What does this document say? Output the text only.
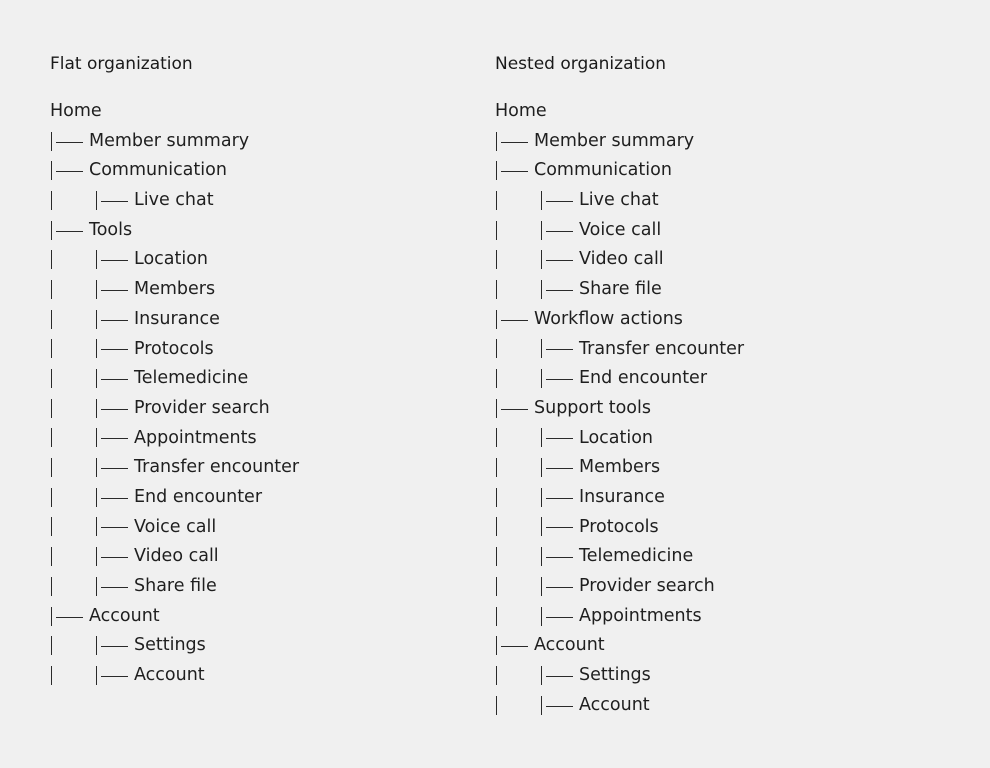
Flat organization
Home
Member summary
Communication
Live chat
Tools
Location
Members
Insurance
Protocols
Telemedicine
Provider search
Appointments
Transfer encounter
End encounter
Voice call
Video call
Share file
Account
Settings
Account
Nested organization
Home
Member summary
Communication
Live chat
Voice call
Video call
Share file
Workflow actions
Transfer encounter
End encounter
Support tools
Location
Members
Insurance
Protocols
Telemedicine
Provider search
Appointments
Account
Settings
Account
